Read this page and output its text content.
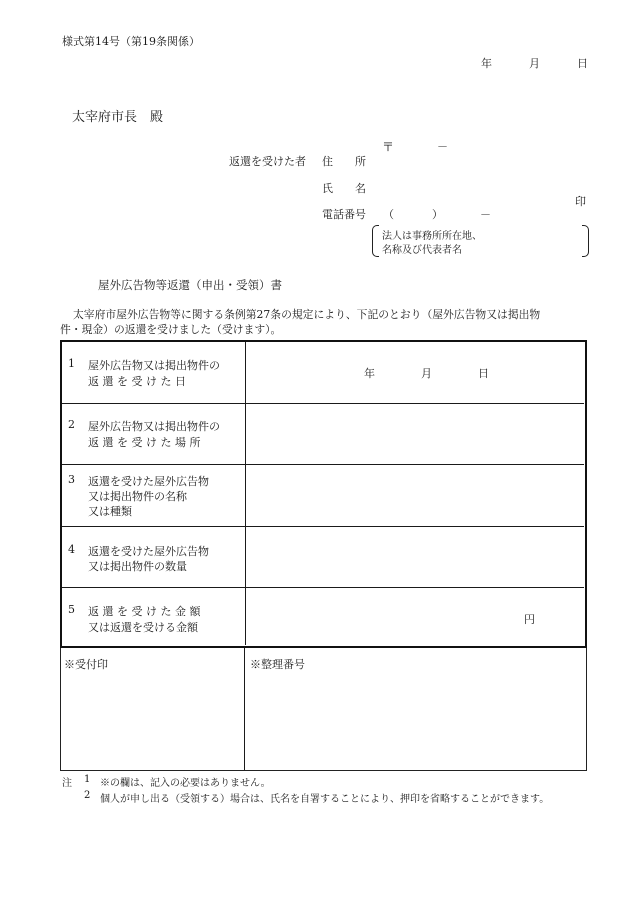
様式第14号（第19条関係）
年	月	日
太宰府市長　殿
〒	－
返還を受けた者 住　　所
氏　　名
印
電話番号 （	）	－
法人は事務所所在地、
名称及び代表者名
屋外広告物等返還（申出・受領）書
太宰府市屋外広告物等に関する条例第27条の規定により、下記のとおり（屋外広告物又は掲出物
件・現金）の返還を受けました（受けます）。
1 屋外広告物又は掲出物件の
返 還 を 受 け た 日
年	月	日
2 屋外広告物又は掲出物件の
返 還 を 受 け た 場 所
3 返還を受けた屋外広告物
又は掲出物件の名称
又は種類
4 返還を受けた屋外広告物
又は掲出物件の数量
5 返 還 を 受 け た 金 額
又は返還を受ける金額
円
※受付印	※整理番号
注 1 ※の欄は、記入の必要はありません。
2 個人が申し出る（受領する）場合は、氏名を自署することにより、押印を省略することができます。
